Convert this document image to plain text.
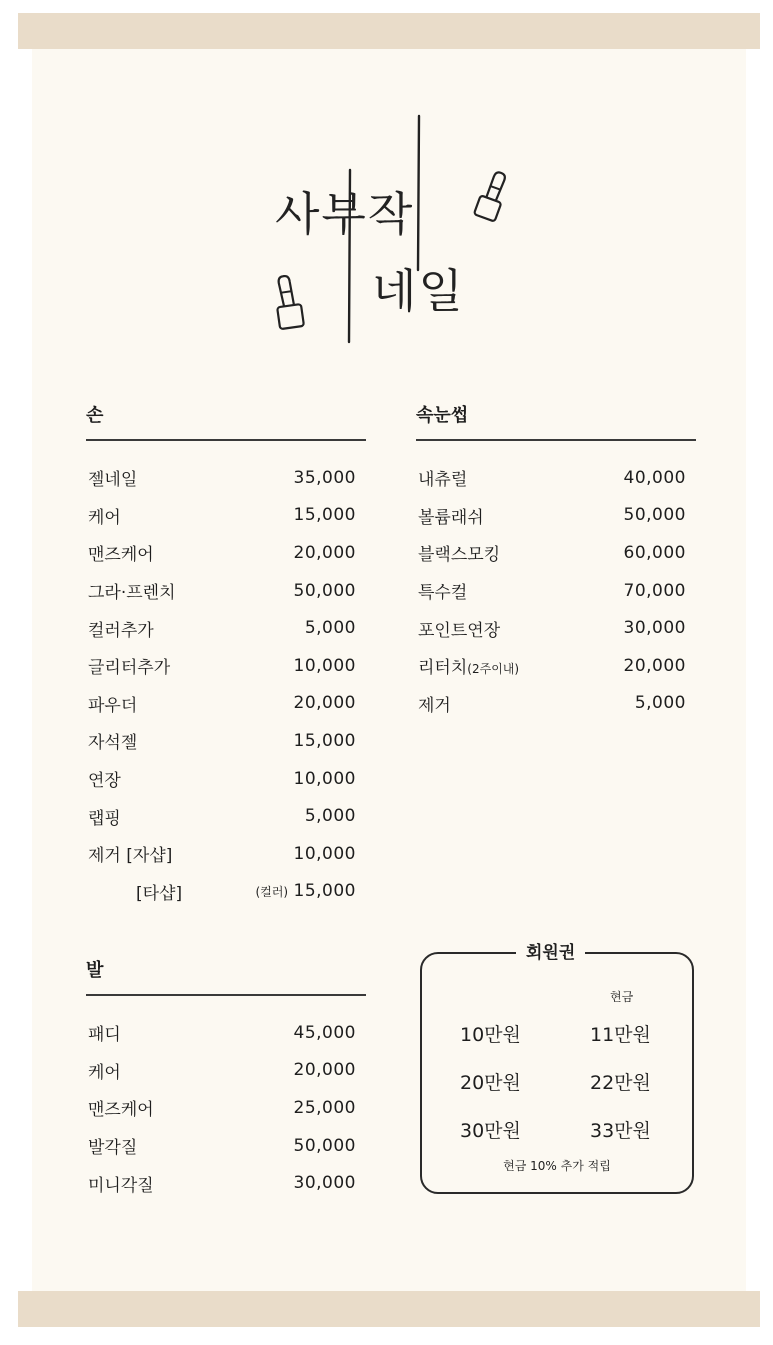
사부작
네일
손
젤네일	35,000
케어	15,000
맨즈케어	20,000
그라·프렌치	50,000
컬러추가	5,000
글리터추가	10,000
파우더	20,000
자석젤	15,000
연장	10,000
랩핑	5,000
제거 [자샵]	10,000
[타샵]	(컬러) 15,000
속눈썹
내츄럴	40,000
볼륨래쉬	50,000
블랙스모킹	60,000
특수컬	70,000
포인트연장	30,000
리터치(2주이내)	20,000
제거	5,000
발
패디	45,000
케어	20,000
맨즈케어	25,000
발각질	50,000
미니각질	30,000
회원권
현금
10만원	11만원
20만원	22만원
30만원	33만원
현금 10% 추가 적립
